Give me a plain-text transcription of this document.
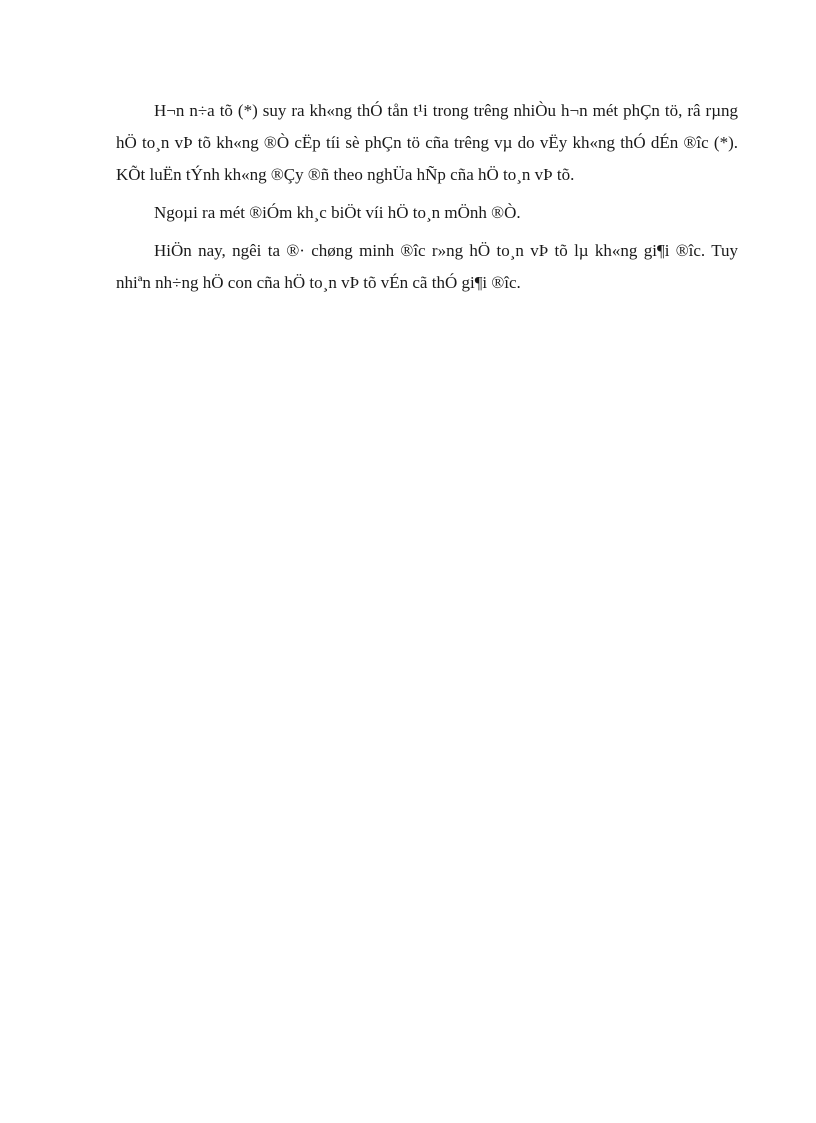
H¬n n÷a tõ (*) suy ra kh«ng thÓ tån t¹i trong trêng nhiÒu h¬n mét phÇn tö, râ rµng hÖ to¸n vÞ tõ kh«ng ®Ò cËp tíi sè phÇn tö cña trêng vµ do vËy kh«ng thÓ dÉn ®îc (*). KÕt luËn tÝnh kh«ng ®Çy ®ñ theo nghÜa hÑp cña hÖ to¸n vÞ tõ.

Ngoµi ra mét ®iÓm kh¸c biÖt víi hÖ to¸n mÖnh ®Ò.

HiÖn nay, ngêi ta ®· chøng minh ®îc r»ng hÖ to¸n vÞ tõ lµ kh«ng gi¶i ®îc. Tuy nhiªn nh÷ng hÖ con cña hÖ to¸n vÞ tõ vÉn cã thÓ gi¶i ®îc.
